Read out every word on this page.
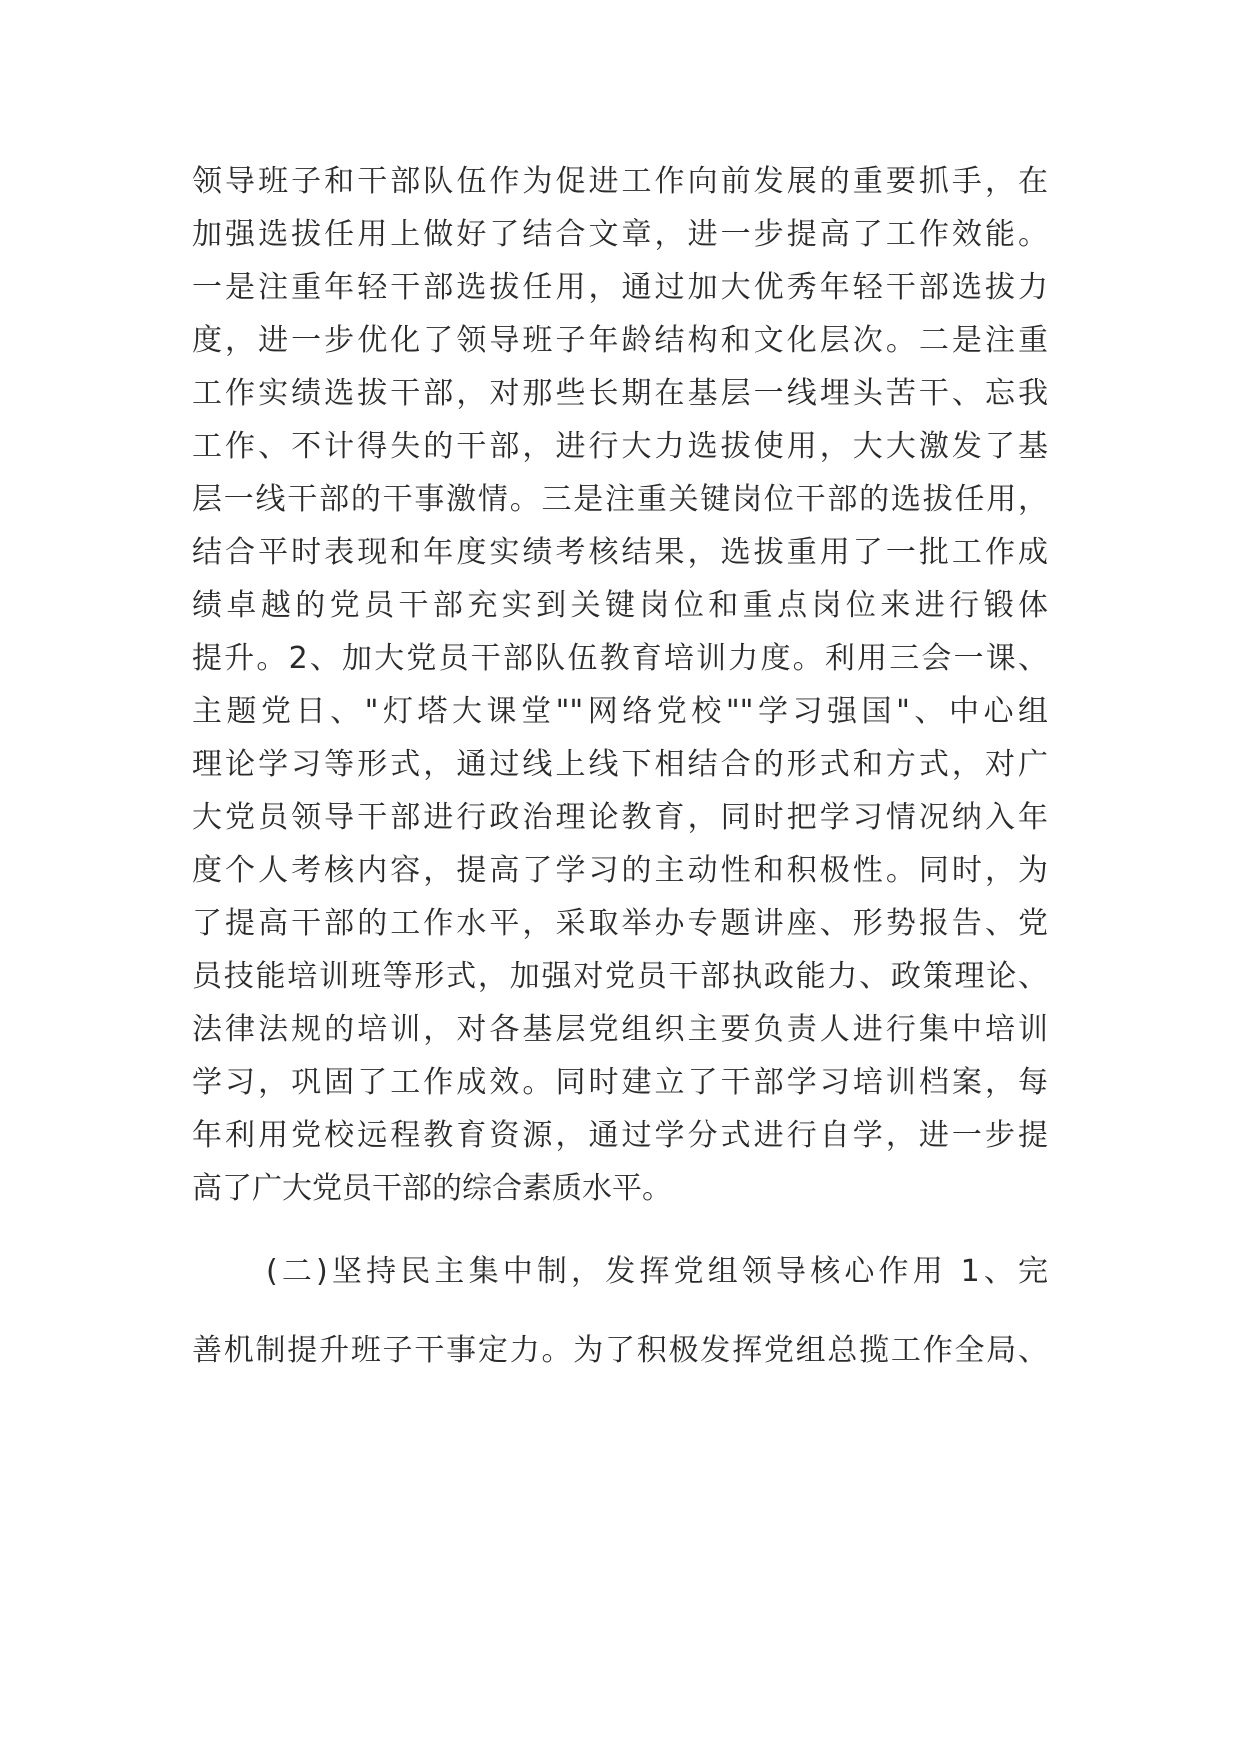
领导班子和干部队伍作为促进工作向前发展的重要抓手，在
加强选拔任用上做好了结合文章，进一步提高了工作效能。
一是注重年轻干部选拔任用，通过加大优秀年轻干部选拔力
度，进一步优化了领导班子年龄结构和文化层次。二是注重
工作实绩选拔干部，对那些长期在基层一线埋头苦干、忘我
工作、不计得失的干部，进行大力选拔使用，大大激发了基
层一线干部的干事激情。三是注重关键岗位干部的选拔任用，
结合平时表现和年度实绩考核结果，选拔重用了一批工作成
绩卓越的党员干部充实到关键岗位和重点岗位来进行锻体
提升。2、加大党员干部队伍教育培训力度。利用三会一课、
主题党日、"灯塔大课堂""网络党校""学习强国"、中心组
理论学习等形式，通过线上线下相结合的形式和方式，对广
大党员领导干部进行政治理论教育，同时把学习情况纳入年
度个人考核内容，提高了学习的主动性和积极性。同时，为
了提高干部的工作水平，采取举办专题讲座、形势报告、党
员技能培训班等形式，加强对党员干部执政能力、政策理论、
法律法规的培训，对各基层党组织主要负责人进行集中培训
学习，巩固了工作成效。同时建立了干部学习培训档案，每
年利用党校远程教育资源，通过学分式进行自学，进一步提
高了广大党员干部的综合素质水平。
(二)坚持民主集中制，发挥党组领导核心作用 1、完
善机制提升班子干事定力。为了积极发挥党组总揽工作全局、
